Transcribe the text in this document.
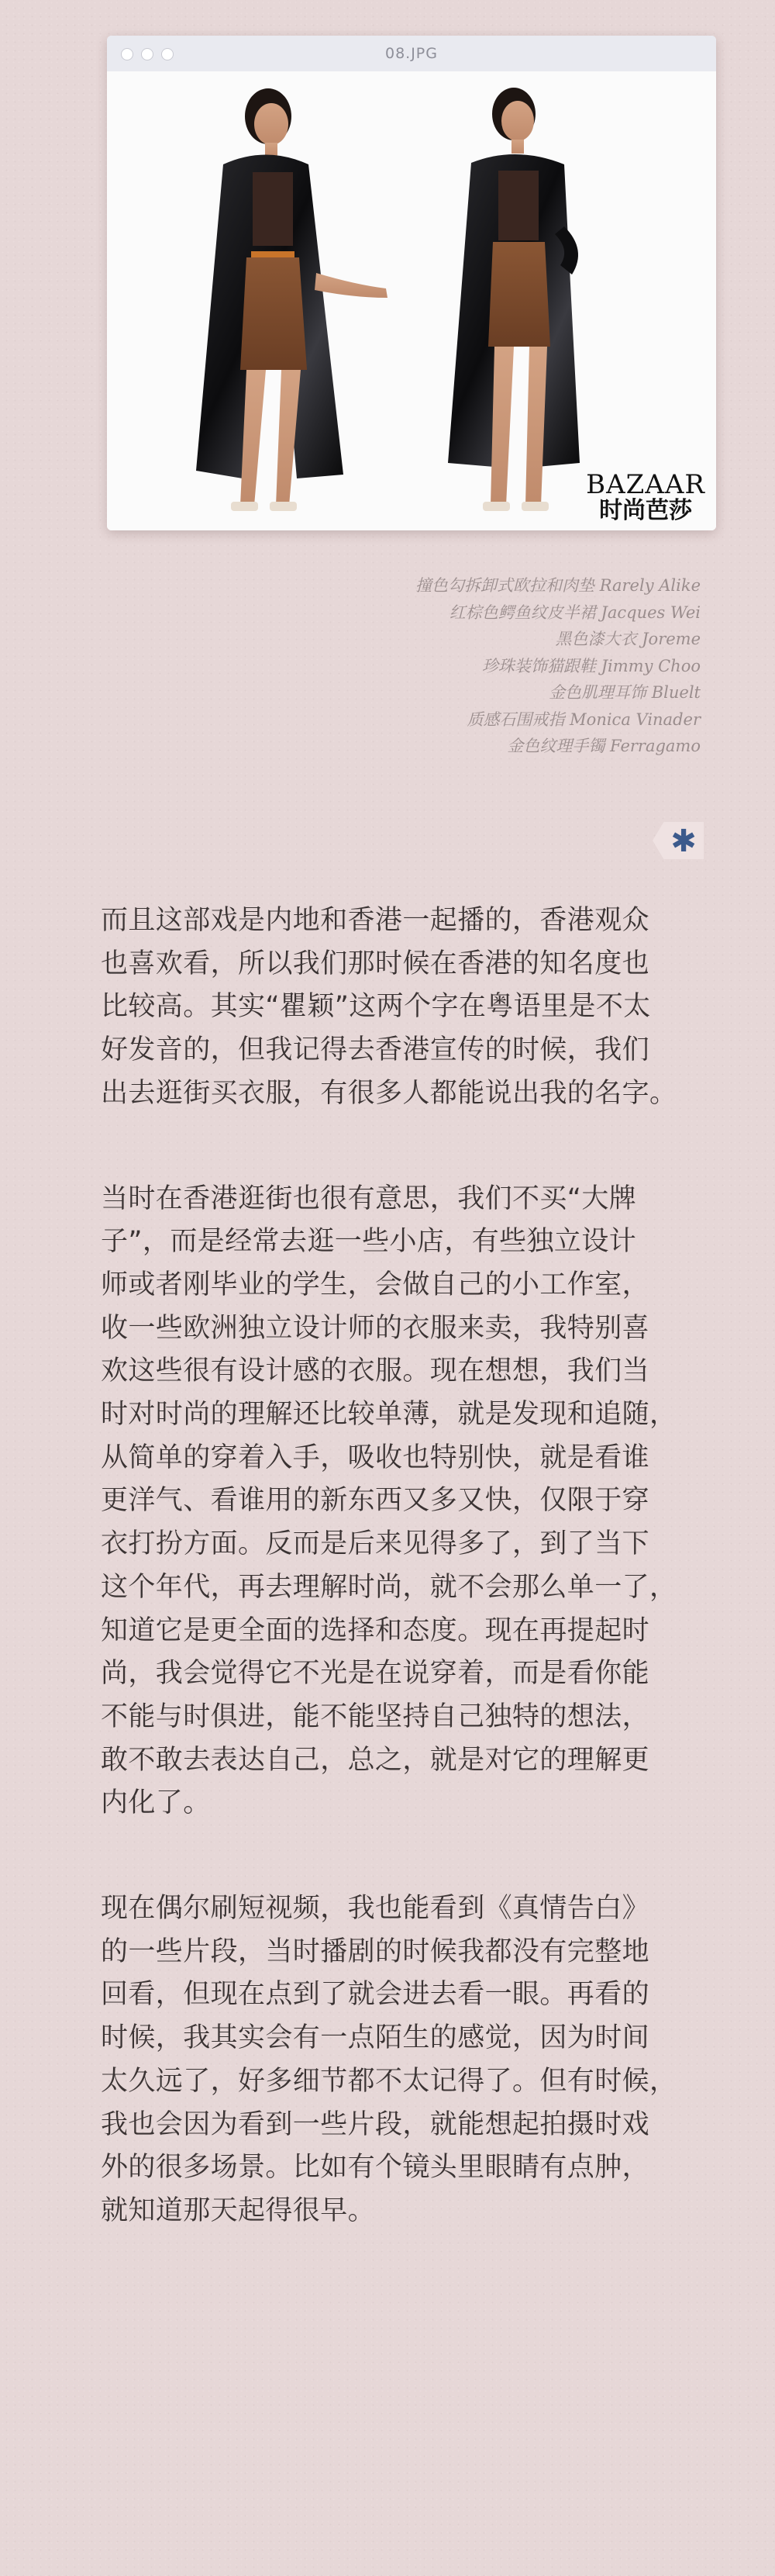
08.JPG
BAZAAR
时尚芭莎
撞色勾拆卸式欧拉和肉垫 Rarely Alike
红棕色鳄鱼纹皮半裙 Jacques Wei
黑色漆大衣 Joreme
珍珠装饰猫跟鞋 Jimmy Choo
金色肌理耳饰 Bluelt
质感石围戒指 Monica Vinader
金色纹理手镯 Ferragamo
✱
而且这部戏是内地和香港一起播的，香港观众
也喜欢看，所以我们那时候在香港的知名度也
比较高。其实“瞿颖”这两个字在粤语里是不太
好发音的，但我记得去香港宣传的时候，我们
出去逛街买衣服，有很多人都能说出我的名字。
当时在香港逛街也很有意思，我们不买“大牌
子”，而是经常去逛一些小店，有些独立设计
师或者刚毕业的学生，会做自己的小工作室，
收一些欧洲独立设计师的衣服来卖，我特别喜
欢这些很有设计感的衣服。现在想想，我们当
时对时尚的理解还比较单薄，就是发现和追随，
从简单的穿着入手，吸收也特别快，就是看谁
更洋气、看谁用的新东西又多又快，仅限于穿
衣打扮方面。反而是后来见得多了，到了当下
这个年代，再去理解时尚，就不会那么单一了，
知道它是更全面的选择和态度。现在再提起时
尚，我会觉得它不光是在说穿着，而是看你能
不能与时俱进，能不能坚持自己独特的想法，
敢不敢去表达自己，总之，就是对它的理解更
内化了。
现在偶尔刷短视频，我也能看到《真情告白》
的一些片段，当时播剧的时候我都没有完整地
回看，但现在点到了就会进去看一眼。再看的
时候，我其实会有一点陌生的感觉，因为时间
太久远了，好多细节都不太记得了。但有时候，
我也会因为看到一些片段，就能想起拍摄时戏
外的很多场景。比如有个镜头里眼睛有点肿，
就知道那天起得很早。
